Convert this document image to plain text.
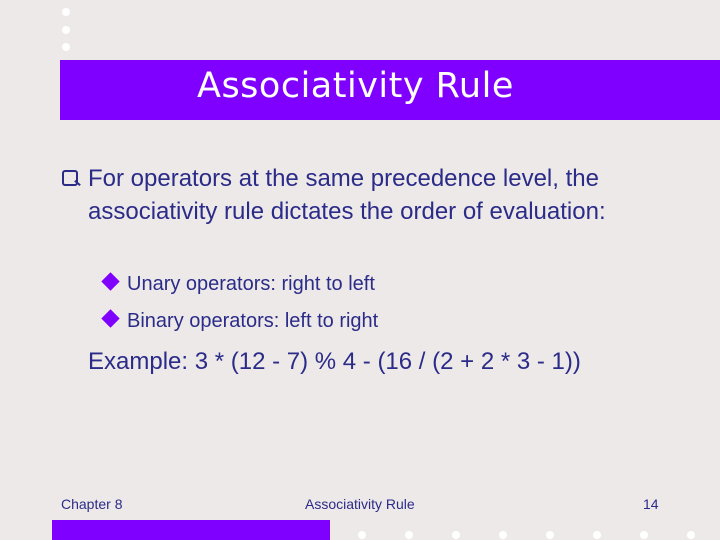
Associativity Rule
For operators at the same precedence level, the associativity rule dictates the order of evaluation:
Unary operators: right to left
Binary operators: left to right
Example: 3 * (12 - 7) % 4 - (16 / (2 + 2 * 3 - 1))
Chapter 8	Associativity Rule	14
